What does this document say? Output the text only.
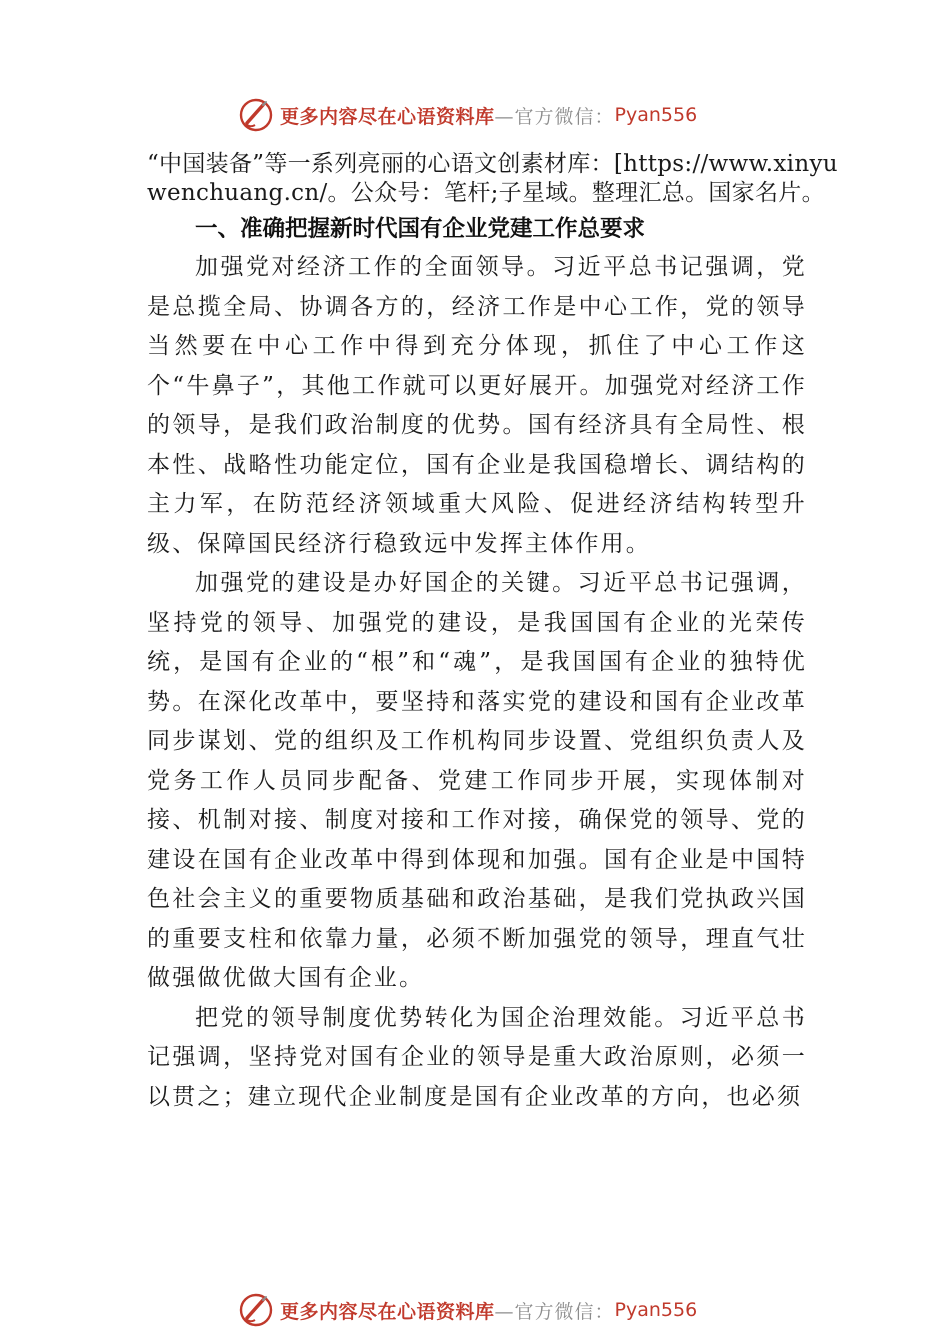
更多内容尽在心语资料库 —官方微信： Pyan556

“中国装备”等一系列亮丽的心语文创素材库：[https://www.xinyuwenchuang.cn/。公众号：笔杆;子星域。整理汇总。国家名片。

一、准确把握新时代国有企业党建工作总要求

加强党对经济工作的全面领导。习近平总书记强调，党是总揽全局、协调各方的，经济工作是中心工作，党的领导当然要在中心工作中得到充分体现，抓住了中心工作这个“牛鼻子”，其他工作就可以更好展开。加强党对经济工作的领导，是我们政治制度的优势。国有经济具有全局性、根本性、战略性功能定位，国有企业是我国稳增长、调结构的主力军，在防范经济领域重大风险、促进经济结构转型升级、保障国民经济行稳致远中发挥主体作用。

加强党的建设是办好国企的关键。习近平总书记强调，坚持党的领导、加强党的建设，是我国国有企业的光荣传统，是国有企业的“根”和“魂”，是我国国有企业的独特优势。在深化改革中，要坚持和落实党的建设和国有企业改革同步谋划、党的组织及工作机构同步设置、党组织负责人及党务工作人员同步配备、党建工作同步开展，实现体制对接、机制对接、制度对接和工作对接，确保党的领导、党的建设在国有企业改革中得到体现和加强。国有企业是中国特色社会主义的重要物质基础和政治基础，是我们党执政兴国的重要支柱和依靠力量，必须不断加强党的领导，理直气壮做强做优做大国有企业。

把党的领导制度优势转化为国企治理效能。习近平总书记强调，坚持党对国有企业的领导是重大政治原则，必须一以贯之；建立现代企业制度是国有企业改革的方向，也必须

更多内容尽在心语资料库 —官方微信： Pyan556
